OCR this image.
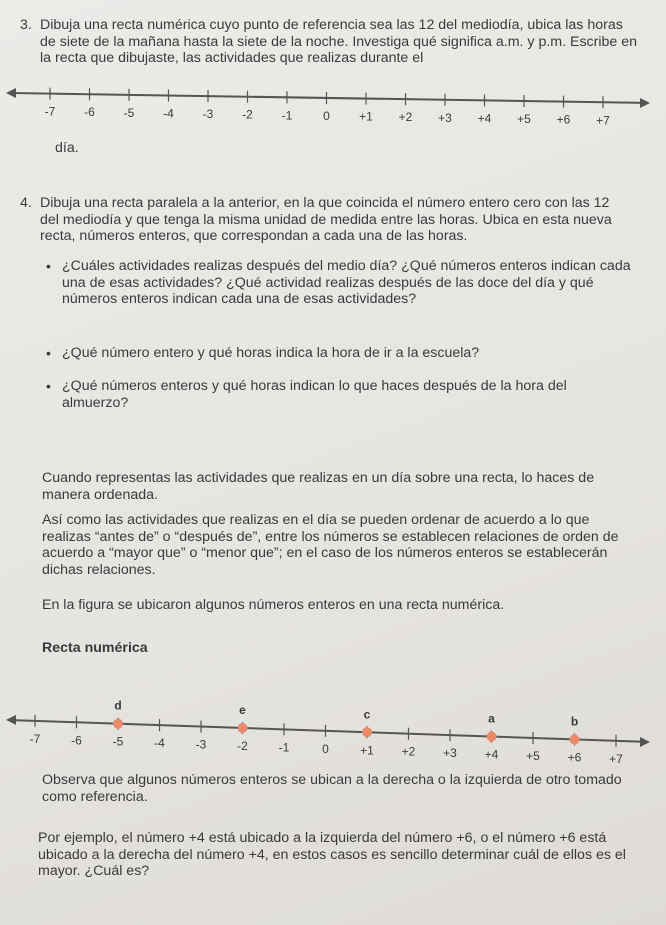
3. Dibuja una recta numérica cuyo punto de referencia sea las 12 del mediodía, ubica las horas de siete de la mañana hasta la siete de la noche. Investiga qué significa a.m. y p.m. Escribe en la recta que dibujaste, las actividades que realizas durante el

-7 -6 -5 -4 -3 -2 -1	0 +1 +2 +3 +4 +5 +6 +7

día.

4. Dibuja una recta paralela a la anterior, en la que coincida el número entero cero con las 12 del mediodía y que tenga la misma unidad de medida entre las horas. Ubica en esta nueva recta, números enteros, que correspondan a cada una de las horas.

• ¿Cuáles actividades realizas después del medio día? ¿Qué números enteros indican cada una de esas actividades? ¿Qué actividad realizas después de las doce del día y qué números enteros indican cada una de esas actividades?

• ¿Qué número entero y qué horas indica la hora de ir a la escuela?

• ¿Qué números enteros y qué horas indican lo que haces después de la hora del almuerzo?

Cuando representas las actividades que realizas en un día sobre una recta, lo haces de manera ordenada.

Así como las actividades que realizas en el día se pueden ordenar de acuerdo a lo que realizas “antes de” o “después de”, entre los números se establecen relaciones de orden de acuerdo a “mayor que” o “menor que”; en el caso de los números enteros se establecerán dichas relaciones.

En la figura se ubicaron algunos números enteros en una recta numérica.

Recta numérica

-7	-6	-5	-4	-3	-2	-1	0	+1 +2 +3 +4 +5 +6 +7
d	e	c	a	b

Observa que algunos números enteros se ubican a la derecha o la izquierda de otro tomado como referencia.

Por ejemplo, el número +4 está ubicado a la izquierda del número +6, o el número +6 está ubicado a la derecha del número +4, en estos casos es sencillo determinar cuál de ellos es el mayor. ¿Cuál es?
